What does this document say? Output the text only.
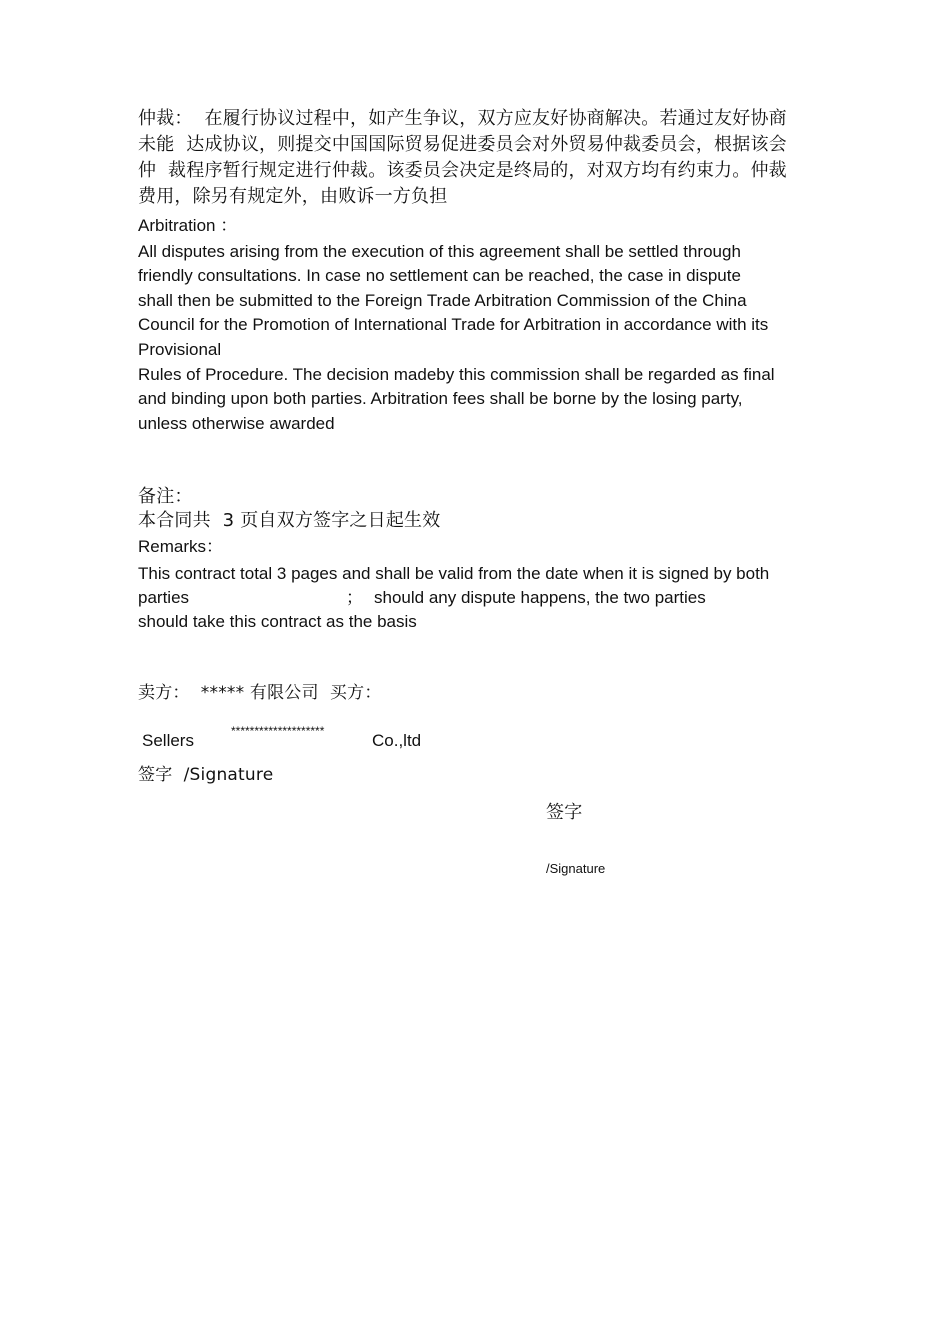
仲裁：  在履行协议过程中，如产生争议，双方应友好协商解决。若通过友好协商
未能  达成协议，则提交中国国际贸易促进委员会对外贸易仲裁委员会，根据该会
仲  裁程序暂行规定进行仲裁。该委员会决定是终局的，对双方均有约束力。仲裁
费用，除另有规定外，由败诉一方负担
Arbitration ：
All disputes arising from the execution of this agreement shall be settled through
friendly consultations. In case no settlement can be reached, the case in dispute
shall then be submitted to the Foreign Trade Arbitration Commission of the China
Council for the Promotion of International Trade for Arbitration in accordance with its
Provisional
Rules of Procedure. The decision madeby this commission shall be regarded as final
and binding upon both parties. Arbitration fees shall be borne by the losing party,
unless otherwise awarded
备注：
本合同共  3 页自双方签字之日起生效
Remarks：
This contract total 3 pages and shall be valid from the date when it is signed by both
parties	； should any dispute happens, the two parties
should take this contract as the basis
卖方：  ***** 有限公司  买方：
Sellers	********************	Co.,ltd
签字  /Signature

签字

/Signature
